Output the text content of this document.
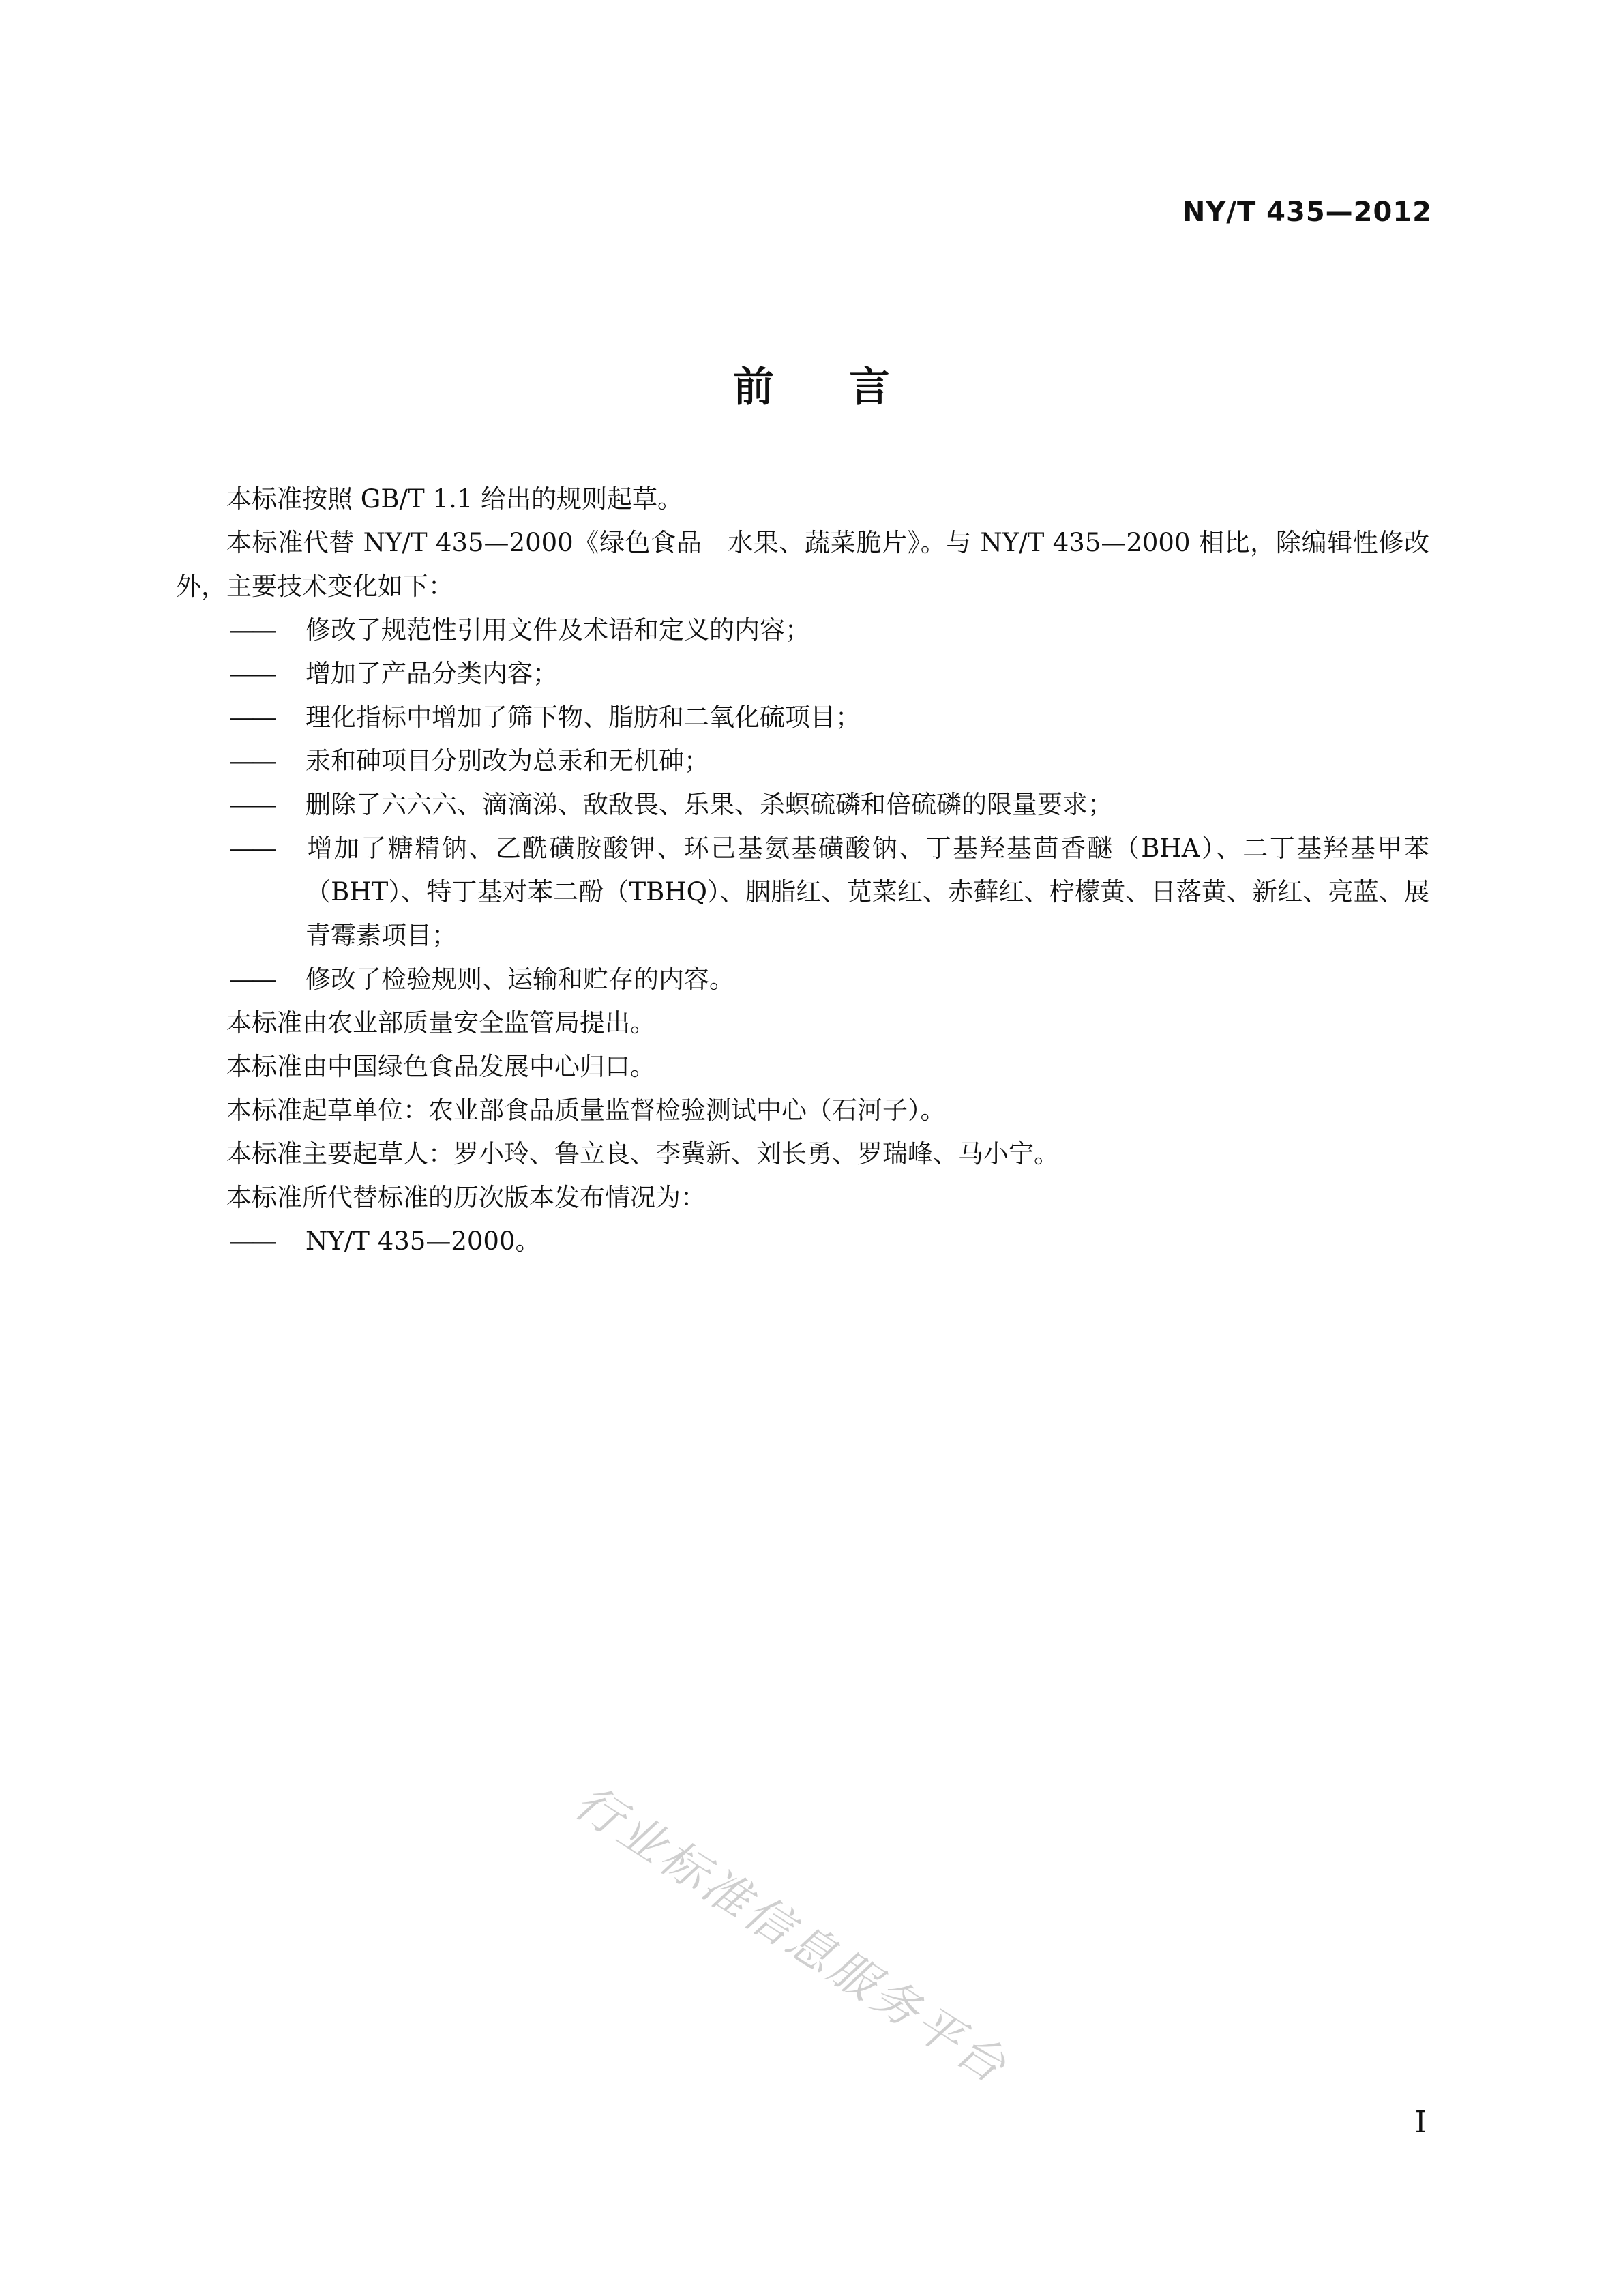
NY/T 435—2012
前言

本标准按照 GB/T 1.1 给出的规则起草。

本标准代替 NY/T 435—2000《绿色食品　水果、蔬菜脆片》。与 NY/T 435—2000 相比，除编辑性修改外，主要技术变化如下：

—— 修改了规范性引用文件及术语和定义的内容；

—— 增加了产品分类内容；

—— 理化指标中增加了筛下物、脂肪和二氧化硫项目；

—— 汞和砷项目分别改为总汞和无机砷；

—— 删除了六六六、滴滴涕、敌敌畏、乐果、杀螟硫磷和倍硫磷的限量要求；

—— 增加了糖精钠、乙酰磺胺酸钾、环己基氨基磺酸钠、丁基羟基茴香醚（BHA）、二丁基羟基甲苯（BHT）、特丁基对苯二酚（TBHQ）、胭脂红、苋菜红、赤藓红、柠檬黄、日落黄、新红、亮蓝、展青霉素项目；

—— 修改了检验规则、运输和贮存的内容。

本标准由农业部质量安全监管局提出。

本标准由中国绿色食品发展中心归口。

本标准起草单位：农业部食品质量监督检验测试中心（石河子）。

本标准主要起草人：罗小玲、鲁立良、李冀新、刘长勇、罗瑞峰、马小宁。

本标准所代替标准的历次版本发布情况为：

—— NY/T 435—2000。

行业标准信息服务平台
I
